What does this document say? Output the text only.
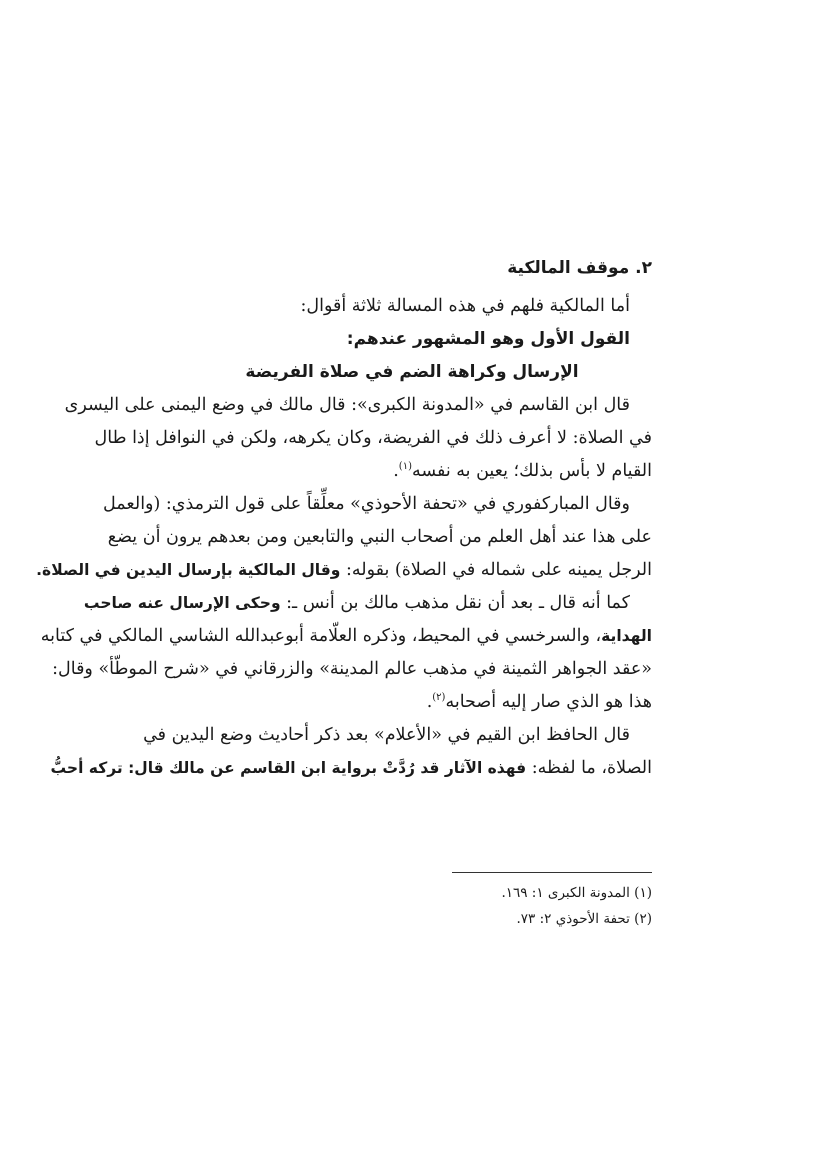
٢. موقف المالكية
أما المالكية فلهم في هذه المسالة ثلاثة أقوال:
القول الأول وهو المشهور عندهم:
الإرسال وكراهة الضم في صلاة الفريضة
قال ابن القاسم في «المدونة الكبرى»: قال مالك في وضع اليمنى على اليسرى
في الصلاة: لا أعرف ذلك في الفريضة، وكان يكرهه، ولكن في النوافل إذا طال
القيام لا بأس بذلك؛ يعين به نفسه$^{(١)}$.
وقال المباركفوري في «تحفة الأحوذي» معلِّقاً على قول الترمذي: (والعمل
على هذا عند أهل العلم من أصحاب النبي والتابعين ومن بعدهم يرون أن يضع
الرجل يمينه على شماله في الصلاة) بقوله: وقال المالكية بإرسال اليدين في الصلاة.
كما أنه قال ـ بعد أن نقل مذهب مالك بن أنس ـ: وحكى الإرسال عنه صاحب
الهداية، والسرخسي في المحيط، وذكره العلّامة أبوعبدالله الشاسي المالكي في كتابه
«عقد الجواهر الثمينة في مذهب عالم المدينة» والزرقاني في «شرح الموطّأ» وقال:
هذا هو الذي صار إليه أصحابه$^{(٢)}$.
قال الحافظ ابن القيم في «الأعلام» بعد ذكر أحاديث وضع اليدين في
الصلاة، ما لفظه: فهذه الآثار قد رُدَّتْ برواية ابن القاسم عن مالك قال: تركه أحبُّ
(١) المدونة الكبرى ١: ١٦٩.
(٢) تحفة الأحوذي ٢: ٧٣.
